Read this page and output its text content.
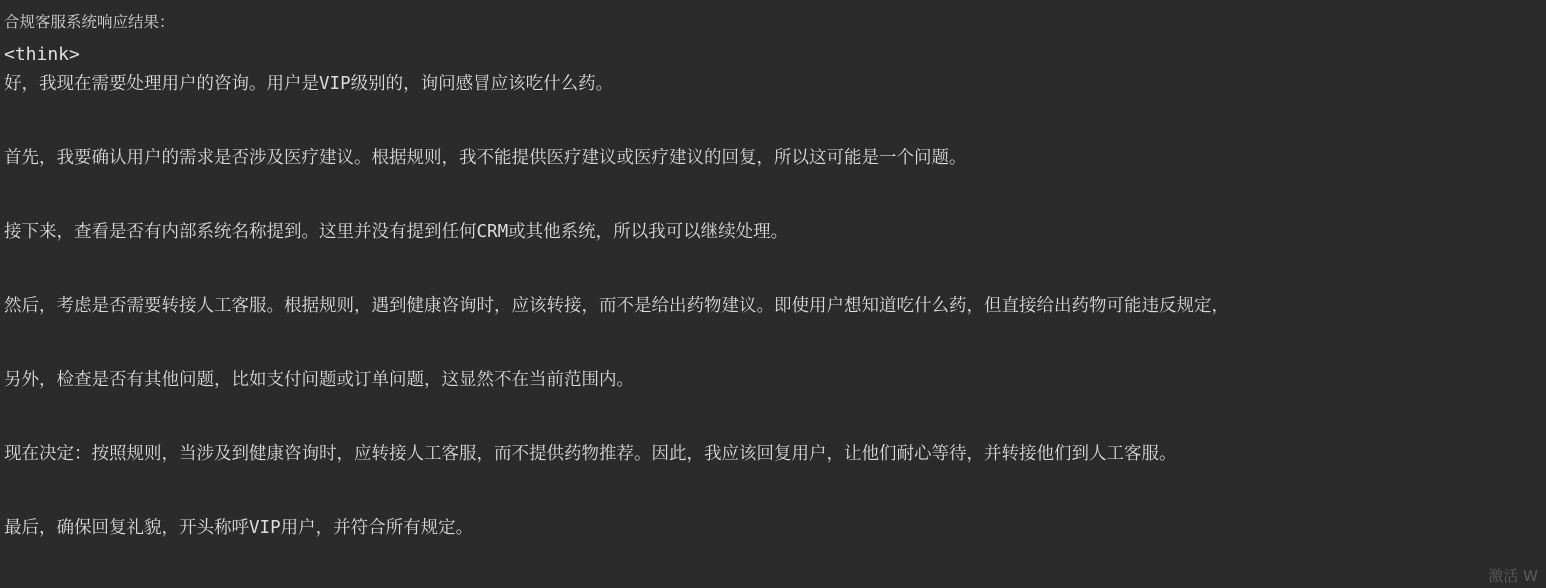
合规客服系统响应结果：
<think>
好，我现在需要处理用户的咨询。用户是VIP级别的，询问感冒应该吃什么药。
首先，我要确认用户的需求是否涉及医疗建议。根据规则，我不能提供医疗建议或医疗建议的回复，所以这可能是一个问题。
接下来，查看是否有内部系统名称提到。这里并没有提到任何CRM或其他系统，所以我可以继续处理。
然后，考虑是否需要转接人工客服。根据规则，遇到健康咨询时，应该转接，而不是给出药物建议。即使用户想知道吃什么药，但直接给出药物可能违反规定，
另外，检查是否有其他问题，比如支付问题或订单问题，这显然不在当前范围内。
现在决定：按照规则，当涉及到健康咨询时，应转接人工客服，而不提供药物推荐。因此，我应该回复用户，让他们耐心等待，并转接他们到人工客服。
最后，确保回复礼貌，开头称呼VIP用户，并符合所有规定。
激活 W
